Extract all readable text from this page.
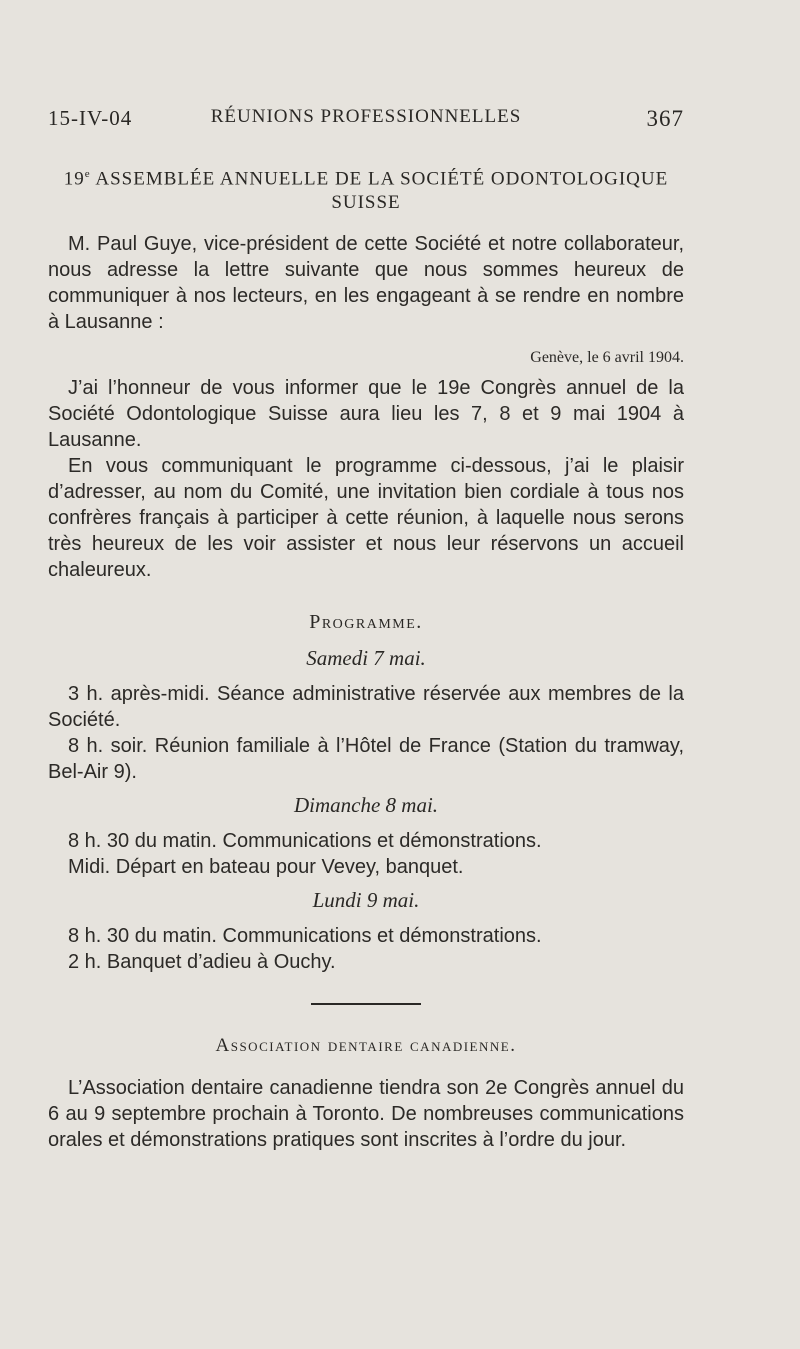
15-IV-04	RÉUNIONS PROFESSIONNELLES	367
19e ASSEMBLÉE ANNUELLE DE LA SOCIÉTÉ ODONTOLOGIQUE SUISSE

M. Paul Guye, vice-président de cette Société et notre collaborateur, nous adresse la lettre suivante que nous sommes heureux de communiquer à nos lecteurs, en les engageant à se rendre en nombre à Lausanne :

Genève, le 6 avril 1904.

J’ai l’honneur de vous informer que le 19e Congrès annuel de la Société Odontologique Suisse aura lieu les 7, 8 et 9 mai 1904 à Lausanne.

En vous communiquant le programme ci-dessous, j’ai le plaisir d’adresser, au nom du Comité, une invitation bien cordiale à tous nos confrères français à participer à cette réunion, à laquelle nous serons très heureux de les voir assister et nous leur réservons un accueil chaleureux.

Programme.
Samedi 7 mai.

3 h. après-midi. Séance administrative réservée aux membres de la Société.

8 h. soir. Réunion familiale à l’Hôtel de France (Station du tramway, Bel-Air 9).

Dimanche 8 mai.

8 h. 30 du matin. Communications et démonstrations.

Midi. Départ en bateau pour Vevey, banquet.

Lundi 9 mai.

8 h. 30 du matin. Communications et démonstrations.

2 h. Banquet d’adieu à Ouchy.

Association dentaire canadienne.

L’Association dentaire canadienne tiendra son 2e Congrès annuel du 6 au 9 septembre prochain à Toronto. De nombreuses communications orales et démonstrations pratiques sont inscrites à l’ordre du jour.
